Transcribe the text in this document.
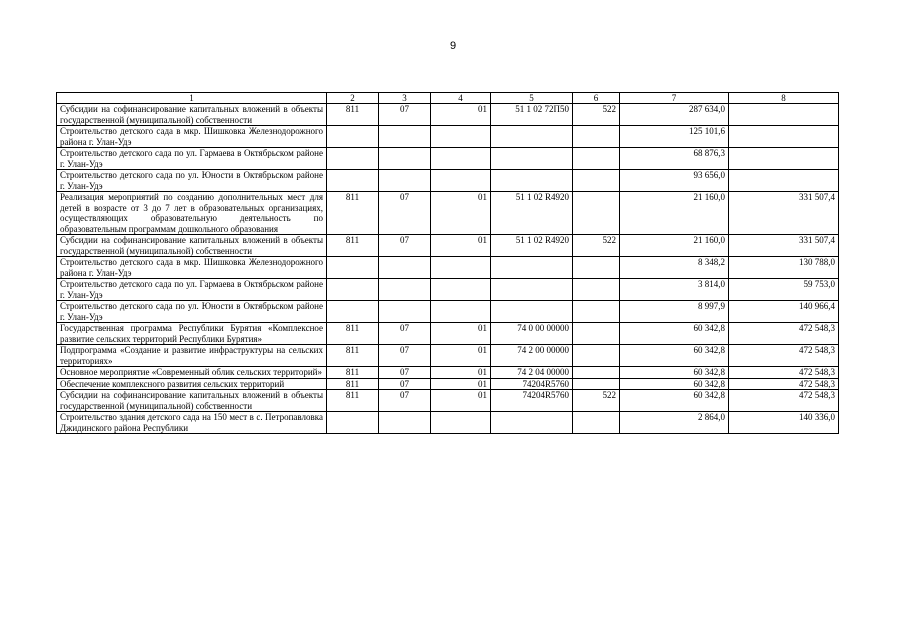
9
1	2	3	4	5	6	7	8
Субсидии на софинансирование капитальных вложений в объекты государственной (муниципальной) собственности	811	07	01	51 1 02 72П50	522	287 634,0	
Строительство детского сада в мкр. Шишковка Железнодорожного района г. Улан-Удэ						125 101,6	
Строительство детского сада по ул. Гармаева в Октябрьском районе г. Улан-Удэ						68 876,3	
Строительство детского сада по ул. Юности в Октябрьском районе г. Улан-Удэ						93 656,0	
Реализация мероприятий по созданию дополнительных мест для детей в возрасте от 3 до 7 лет в образовательных организациях, осуществляющих образовательную деятельность по образовательным программам дошкольного образования	811	07	01	51 1 02 R4920		21 160,0	331 507,4
Субсидии на софинансирование капитальных вложений в объекты государственной (муниципальной) собственности	811	07	01	51 1 02 R4920	522	21 160,0	331 507,4
Строительство детского сада в мкр. Шишковка Железнодорожного района г. Улан-Удэ						8 348,2	130 788,0
Строительство детского сада по ул. Гармаева в Октябрьском районе г. Улан-Удэ						3 814,0	59 753,0
Строительство детского сада по ул. Юности в Октябрьском районе г. Улан-Удэ						8 997,9	140 966,4
Государственная программа Республики Бурятия «Комплексное развитие сельских территорий Республики Бурятия»	811	07	01	74 0 00 00000		60 342,8	472 548,3
Подпрограмма «Создание и развитие инфраструктуры на сельских территориях»	811	07	01	74 2 00 00000		60 342,8	472 548,3
Основное мероприятие «Современный облик сельских территорий»	811	07	01	74 2 04 00000		60 342,8	472 548,3
Обеспечение комплексного развития сельских территорий	811	07	01	74204R5760		60 342,8	472 548,3
Субсидии на софинансирование капитальных вложений в объекты государственной (муниципальной) собственности	811	07	01	74204R5760	522	60 342,8	472 548,3
Строительство здания детского сада на 150 мест в с. Петропавловка Джидинского района Республики						2 864,0	140 336,0
